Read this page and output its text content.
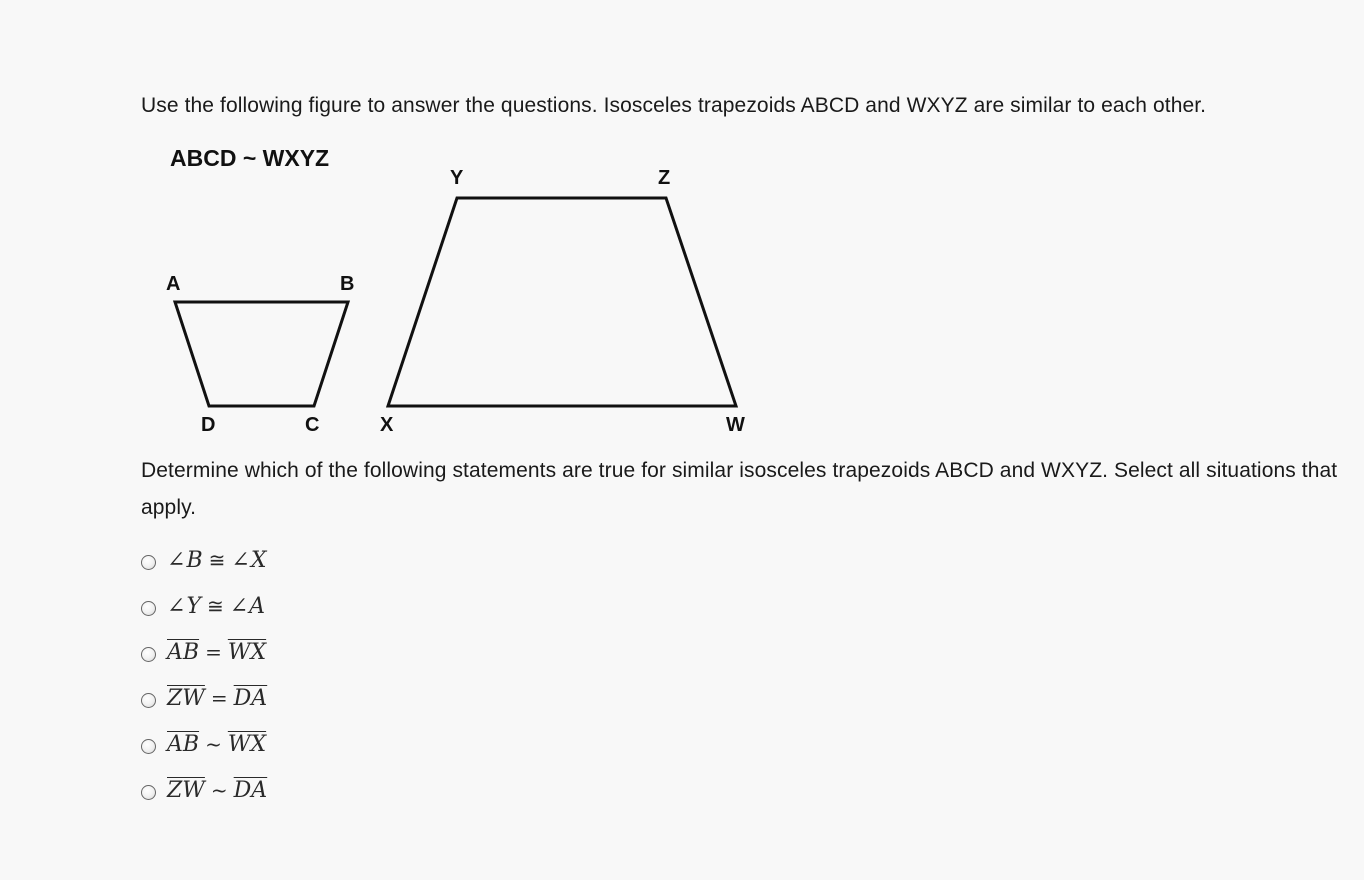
Use the following figure to answer the questions. Isosceles trapezoids ABCD and WXYZ are similar to each other.
ABCD ~ WXYZ
A	B
C
D
Y	Z
X	W
Determine which of the following statements are true for similar isosceles trapezoids ABCD and WXYZ. Select all situations that apply.
∠ B ≅ ∠ X
∠ Y ≅ ∠ A
$\overline{AB} = \overline{WX}$
$\overline{ZW} = \overline{DA}$
$\overline{AB}$ ~ $\overline{WX}$
$\overline{ZW}$ ~ $\overline{DA}$
